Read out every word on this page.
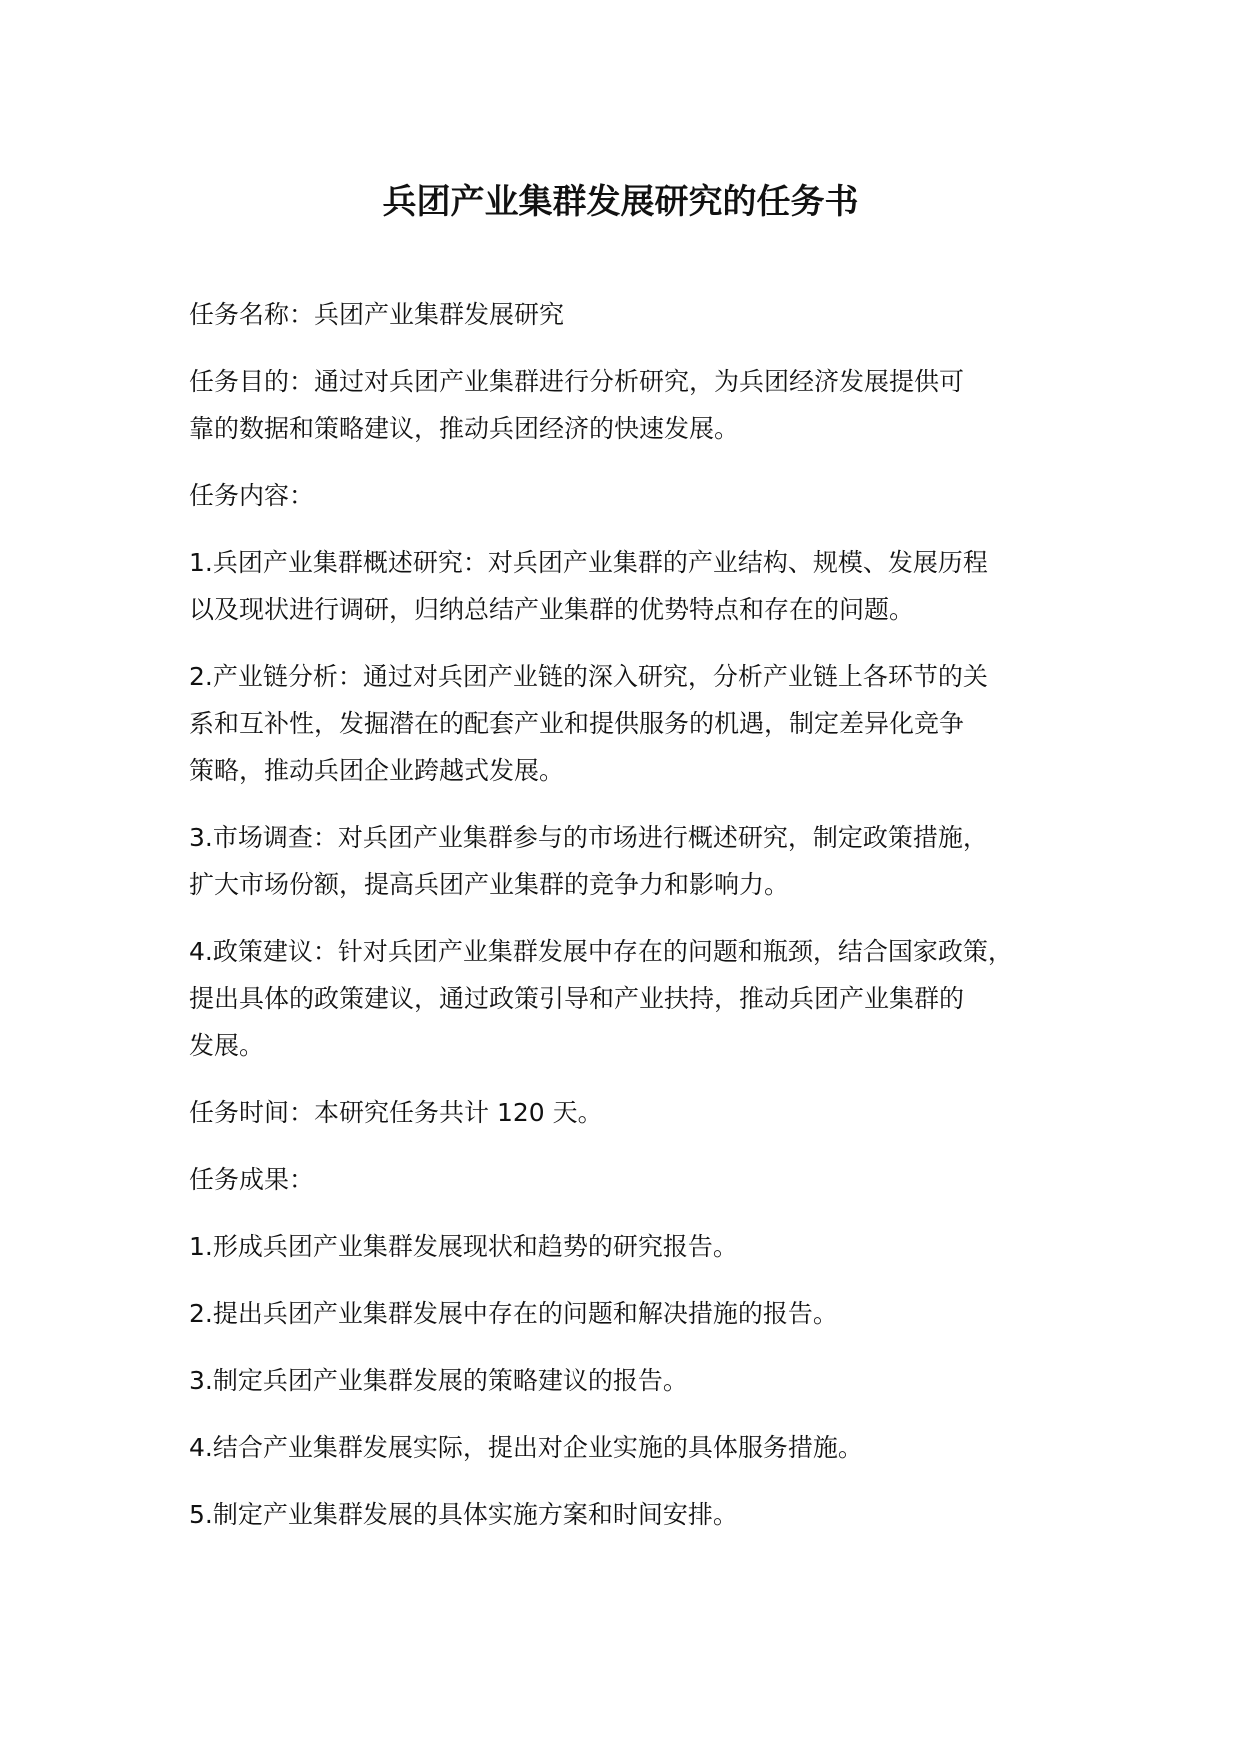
兵团产业集群发展研究的任务书

任务名称：兵团产业集群发展研究

任务目的：通过对兵团产业集群进行分析研究，为兵团经济发展提供可
靠的数据和策略建议，推动兵团经济的快速发展。

任务内容：

1.兵团产业集群概述研究：对兵团产业集群的产业结构、规模、发展历程
以及现状进行调研，归纳总结产业集群的优势特点和存在的问题。

2.产业链分析：通过对兵团产业链的深入研究，分析产业链上各环节的关
系和互补性，发掘潜在的配套产业和提供服务的机遇，制定差异化竞争
策略，推动兵团企业跨越式发展。

3.市场调查：对兵团产业集群参与的市场进行概述研究，制定政策措施，
扩大市场份额，提高兵团产业集群的竞争力和影响力。

4.政策建议：针对兵团产业集群发展中存在的问题和瓶颈，结合国家政策，
提出具体的政策建议，通过政策引导和产业扶持，推动兵团产业集群的
发展。

任务时间：本研究任务共计 120 天。

任务成果：

1.形成兵团产业集群发展现状和趋势的研究报告。

2.提出兵团产业集群发展中存在的问题和解决措施的报告。

3.制定兵团产业集群发展的策略建议的报告。

4.结合产业集群发展实际，提出对企业实施的具体服务措施。

5.制定产业集群发展的具体实施方案和时间安排。
